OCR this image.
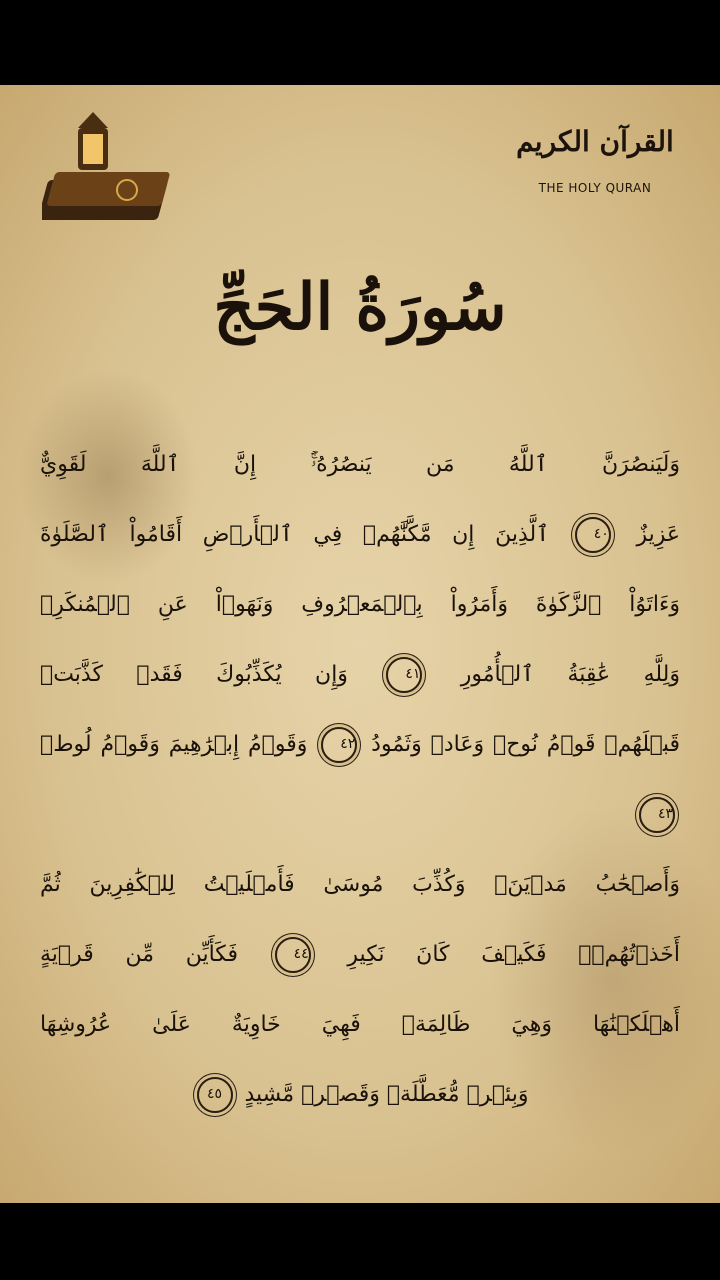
القرآن الكريم
THE HOLY QURAN
سُورَةُ الحَجِّ
وَلَيَنصُرَنَّ ٱللَّهُ مَن يَنصُرُهُۥٓۚ إِنَّ ٱللَّهَ لَقَوِيٌّ
عَزِيزٌ ٤٠ ٱلَّذِينَ إِن مَّكَّنَّٰهُمۡ فِي ٱلۡأَرۡضِ أَقَامُواْ ٱلصَّلَوٰةَ
وَءَاتَوُاْ ٱلزَّكَوٰةَ وَأَمَرُواْ بِٱلۡمَعۡرُوفِ وَنَهَوۡاْ عَنِ ٱلۡمُنكَرِۗ
وَلِلَّهِ عَٰقِبَةُ ٱلۡأُمُورِ ٤١ وَإِن يُكَذِّبُوكَ فَقَدۡ كَذَّبَتۡ
قَبۡلَهُمۡ قَوۡمُ نُوحٖ وَعَادٞ وَثَمُودُ ٤٢ وَقَوۡمُ إِبۡرَٰهِيمَ وَقَوۡمُ لُوطٖ ٤٣
وَأَصۡحَٰبُ مَدۡيَنَۖ وَكُذِّبَ مُوسَىٰ فَأَمۡلَيۡتُ لِلۡكَٰفِرِينَ ثُمَّ
أَخَذۡتُهُمۡۖ فَكَيۡفَ كَانَ نَكِيرِ ٤٤ فَكَأَيِّن مِّن قَرۡيَةٍ
أَهۡلَكۡنَٰهَا وَهِيَ ظَالِمَةٞ فَهِيَ خَاوِيَةٌ عَلَىٰ عُرُوشِهَا
وَبِئۡرٖ مُّعَطَّلَةٖ وَقَصۡرٖ مَّشِيدٍ ٤٥
